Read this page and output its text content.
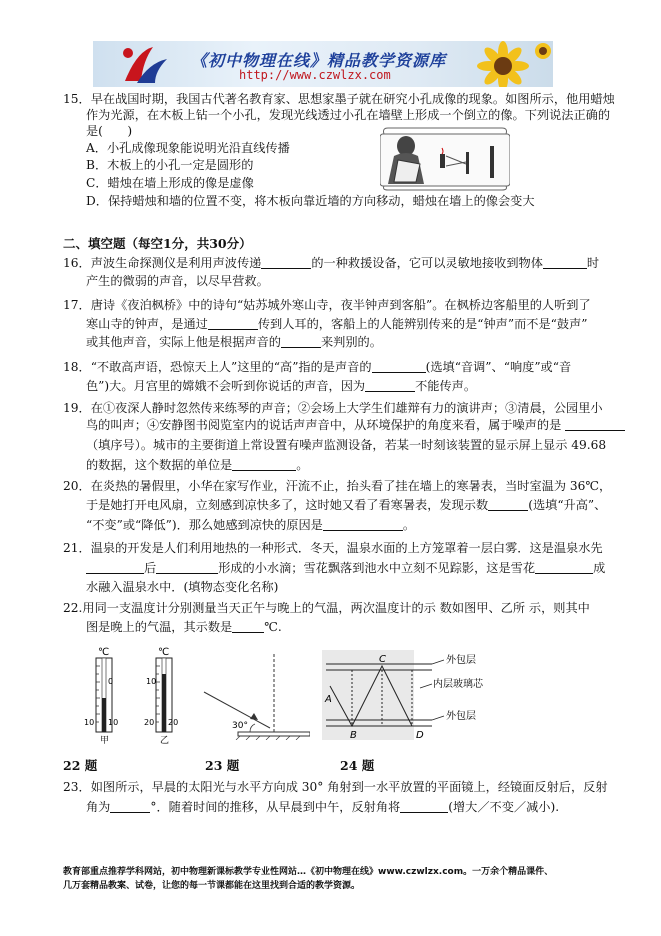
《初中物理在线》精品教学资源库
http://www.czwlzx.com
15．早在战国时期，我国古代著名教育家、思想家墨子就在研究小孔成像的现象。如图所示，他用蜡烛
作为光源，在木板上钻一个小孔，发现光线透过小孔在墙壁上形成一个倒立的像。下列说法正确的
是(　　)
A．小孔成像现象能说明光沿直线传播
B．木板上的小孔一定是圆形的
C．蜡烛在墙上形成的像是虚像
D．保持蜡烛和墙的位置不变，将木板向靠近墙的方向移动，蜡烛在墙上的像会变大
二、填空题（每空1分，共30分）
16．声波生命探测仪是利用声波传递	的一种救援设备，它可以灵敏地接收到物体	时
产生的微弱的声音，以尽早营救。
17．唐诗《夜泊枫桥》中的诗句“姑苏城外寒山寺，夜半钟声到客船”。在枫桥边客船里的人听到了
寒山寺的钟声，是通过	传到人耳的，客船上的人能辨别传来的是“钟声”而不是“鼓声”
或其他声音，实际上他是根据声音的	来判别的。
18．“不敢高声语，恐惊天上人”这里的“高”指的是声音的	(选填“音调”、“响度”或“音
色”)大。月宫里的嫦娥不会听到你说话的声音，因为	不能传声。
19．在①夜深人静时忽然传来练琴的声音；②会场上大学生们雄辩有力的演讲声；③清晨，公园里小
鸟的叫声；④安静图书阅览室内的说话声声音中，从环境保护的角度来看，属于噪声的是
（填序号）。城市的主要街道上常设置有噪声监测设备，若某一时刻该装置的显示屏上显示 49.68
的数据，这个数据的单位是	。
20．在炎热的暑假里，小华在家写作业，汗流不止，抬头看了挂在墙上的寒暑表，当时室温为 36℃，
于是她打开电风扇，立刻感到凉快多了，这时她又看了看寒暑表，发现示数	(选填“升高”、
“不变”或“降低”)．那么她感到凉快的原因是	。
21．温泉的开发是人们利用地热的一种形式．冬天，温泉水面的上方笼罩着一层白雾．这是温泉水先
后	形成的小水滴；雪花飘落到池水中立刻不见踪影，这是雪花	成
水融入温泉水中．(填物态变化名称)
22.用同一支温度计分别测量当天正午与晚上的气温，两次温度计的示 数如图甲、乙所 示，则其中
图是晚上的气温，其示数是	℃.
℃	℃
0
10 10
甲
10
20 20
乙
30°
A
B
C
D
外包层
内层玻璃芯
外包层
22 题	23 题	24 题
23．如图所示，早晨的太阳光与水平方向成 30° 角射到一水平放置的平面镜上，经镜面反射后，反射
角为	°．随着时间的推移，从早晨到中午，反射角将	(增大／不变／减小).
教育部重点推荐学科网站，初中物理新课标教学专业性网站…《初中物理在线》www.czwlzx.com。一万余个精品课件、
几万套精品教案、试卷，让您的每一节课都能在这里找到合适的教学资源。
